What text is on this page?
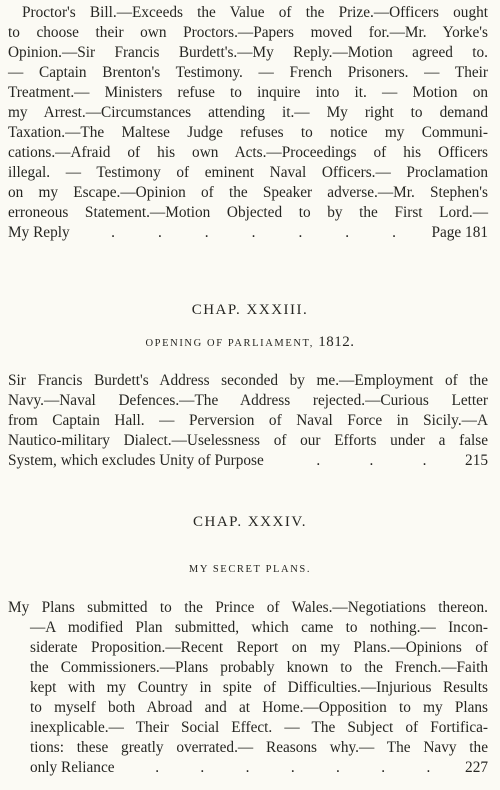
Proctor's Bill.—Exceeds the Value of the Prize.—Officers ought
to choose their own Proctors.—Papers moved for.—Mr. Yorke's
Opinion.—Sir Francis Burdett's.—My Reply.—Motion agreed to.
— Captain Brenton's Testimony. — French Prisoners. — Their
Treatment.— Ministers refuse to inquire into it. — Motion on
my Arrest.—Circumstances attending it.— My right to demand
Taxation.—The Maltese Judge refuses to notice my Communi-
cations.—Afraid of his own Acts.—Proceedings of his Officers
illegal. — Testimony of eminent Naval Officers.— Proclamation
on my Escape.—Opinion of the Speaker adverse.—Mr. Stephen's
erroneous Statement.—Motion Objected to by the First Lord.—
My Reply	.	.	.	.	.	.	. Page 181
CHAP. XXXIII.
OPENING OF PARLIAMENT, 1812.
Sir Francis Burdett's Address seconded by me.—Employment of the
Navy.—Naval Defences.—The Address rejected.—Curious Letter
from Captain Hall. — Perversion of Naval Force in Sicily.—A
Nautico-military Dialect.—Uselessness of our Efforts under a false
System, which excludes Unity of Purpose	.	.	.	215
CHAP. XXXIV.
MY SECRET PLANS.
My Plans submitted to the Prince of Wales.—Negotiations thereon.
—A modified Plan submitted, which came to nothing.— Incon-
siderate Proposition.—Recent Report on my Plans.—Opinions of
the Commissioners.—Plans probably known to the French.—Faith
kept with my Country in spite of Difficulties.—Injurious Results
to myself both Abroad and at Home.—Opposition to my Plans
inexplicable.— Their Social Effect. — The Subject of Fortifica-
tions: these greatly overrated.— Reasons why.— The Navy the
only Reliance	.	.	.	.	.	.	. 227
